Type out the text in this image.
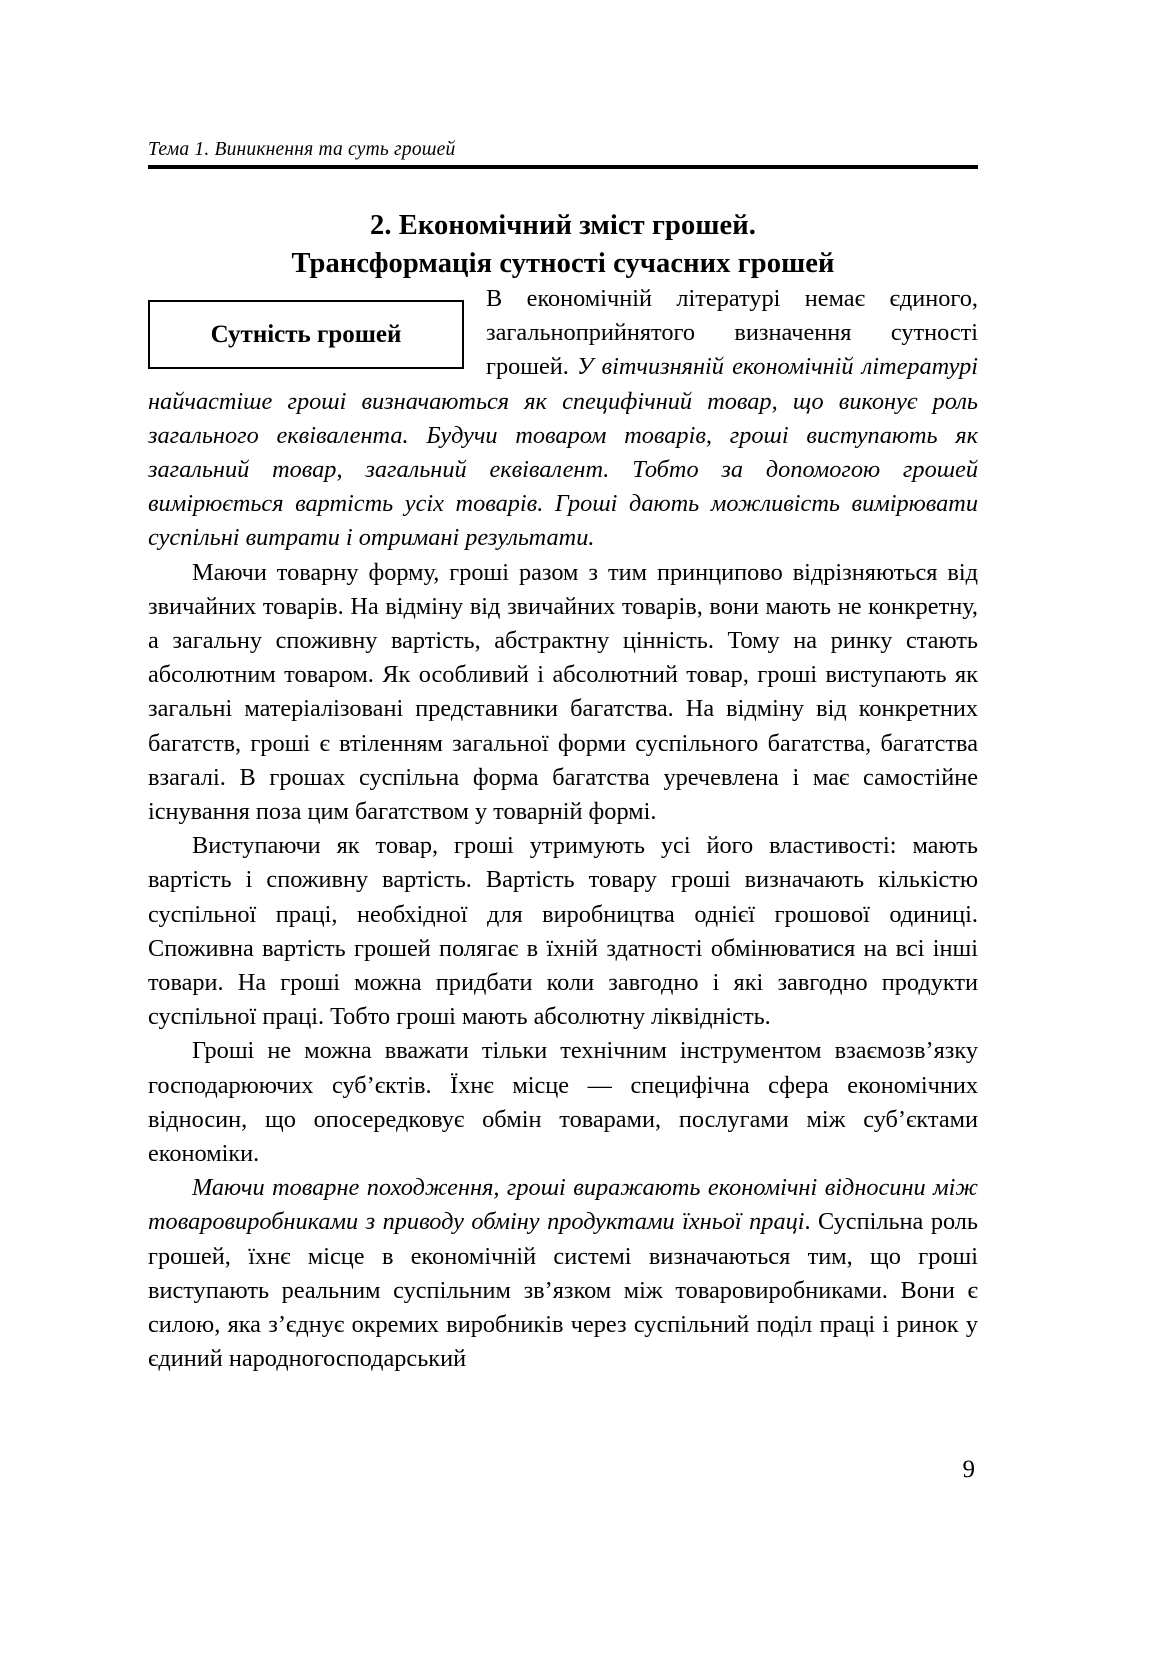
Тема 1. Виникнення та суть грошей
2. Економічний зміст грошей.
Трансформація сутності сучасних грошей
Сутність грошей

В економічній літературі немає єдиного, загальноприйнятого визначення сутності грошей. У вітчизняній економічній літературі найчастіше гроші визначаються як специфічний товар, що виконує роль загального еквівалента. Будучи товаром товарів, гроші виступають як загальний товар, загальний еквівалент. Тобто за допомогою грошей вимірюється вартість усіх товарів. Гроші дають можливість вимірювати суспільні витрати і отримані результати.

Маючи товарну форму, гроші разом з тим принципово відрізняються від звичайних товарів. На відміну від звичайних товарів, вони мають не конкретну, а загальну споживну вартість, абстрактну цінність. Тому на ринку стають абсолютним товаром. Як особливий і абсолютний товар, гроші виступають як загальні матеріалізовані представники багатства. На відміну від конкретних багатств, гроші є втіленням загальної форми суспільного багатства, багатства взагалі. В грошах суспільна форма багатства уречевлена і має самостійне існування поза цим багатством у товарній формі.

Виступаючи як товар, гроші утримують усі його властивості: мають вартість і споживну вартість. Вартість товару гроші визначають кількістю суспільної праці, необхідної для виробництва однієї грошової одиниці. Споживна вартість грошей полягає в їхній здатності обмінюватися на всі інші товари. На гроші можна придбати коли завгодно і які завгодно продукти суспільної праці. Тобто гроші мають абсолютну ліквідність.

Гроші не можна вважати тільки технічним інструментом взаємозв’язку господарюючих суб’єктів. Їхнє місце — специфічна сфера економічних відносин, що опосередковує обмін товарами, послугами між суб’єктами економіки.

Маючи товарне походження, гроші виражають економічні відносини між товаровиробниками з приводу обміну продуктами їхньої праці. Суспільна роль грошей, їхнє місце в економічній системі визначаються тим, що гроші виступають реальним суспільним зв’язком між товаровиробниками. Вони є силою, яка з’єднує окремих виробників через суспільний поділ праці і ринок у єдиний народногосподарський

9
